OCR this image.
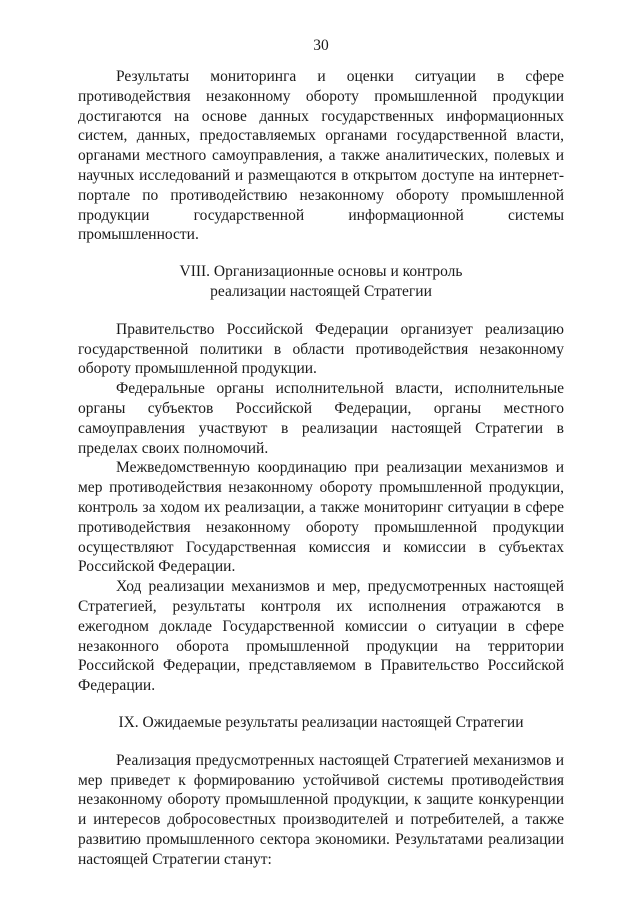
30

Результаты мониторинга и оценки ситуации в сфере противодействия незаконному обороту промышленной продукции достигаются на основе данных государственных информационных систем, данных, предоставляемых органами государственной власти, органами местного самоуправления, а также аналитических, полевых и научных исследований и размещаются в открытом доступе на интернет-портале по противодействию незаконному обороту промышленной продукции государственной информационной системы промышленности.

VIII. Организационные основы и контроль
реализации настоящей Стратегии

Правительство Российской Федерации организует реализацию государственной политики в области противодействия незаконному обороту промышленной продукции.

Федеральные органы исполнительной власти, исполнительные органы субъектов Российской Федерации, органы местного самоуправления участвуют в реализации настоящей Стратегии в пределах своих полномочий.

Межведомственную координацию при реализации механизмов и мер противодействия незаконному обороту промышленной продукции, контроль за ходом их реализации, а также мониторинг ситуации в сфере противодействия незаконному обороту промышленной продукции осуществляют Государственная комиссия и комиссии в субъектах Российской Федерации.

Ход реализации механизмов и мер, предусмотренных настоящей Стратегией, результаты контроля их исполнения отражаются в ежегодном докладе Государственной комиссии о ситуации в сфере незаконного оборота промышленной продукции на территории Российской Федерации, представляемом в Правительство Российской Федерации.

IX. Ожидаемые результаты реализации настоящей Стратегии

Реализация предусмотренных настоящей Стратегией механизмов и мер приведет к формированию устойчивой системы противодействия незаконному обороту промышленной продукции, к защите конкуренции и интересов добросовестных производителей и потребителей, а также развитию промышленного сектора экономики. Результатами реализации настоящей Стратегии станут:
